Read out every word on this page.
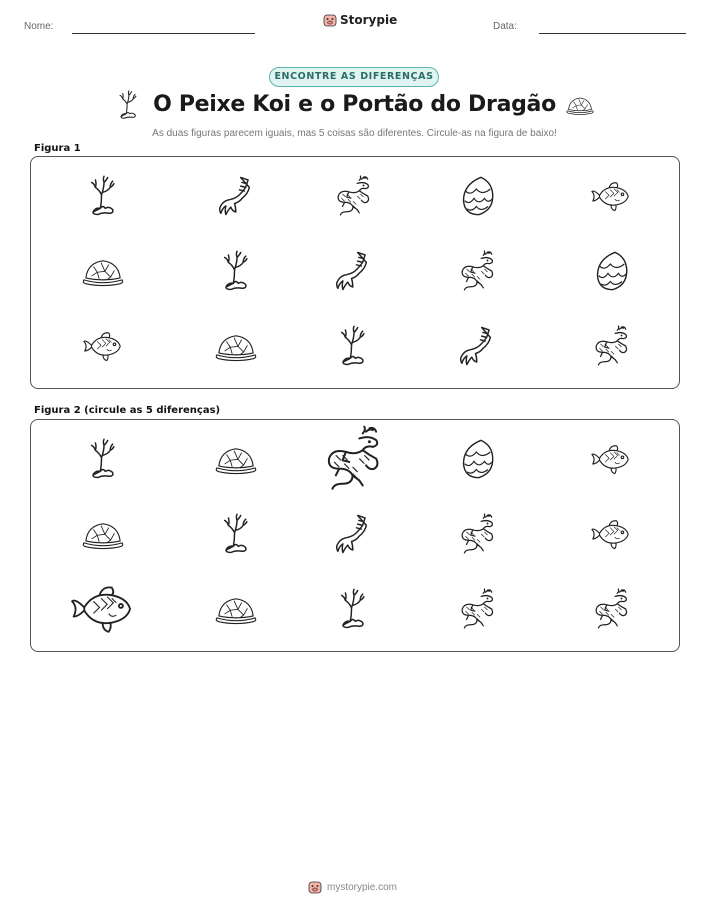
Nome:	Storypie	Data:
ENCONTRE AS DIFERENÇAS
O Peixe Koi e o Portão do Dragão
As duas figuras parecem iguais, mas 5 coisas são diferentes. Circule-as na figura de baixo!
Figura 1
Figura 2 (circule as 5 diferenças)
mystorypie.com
